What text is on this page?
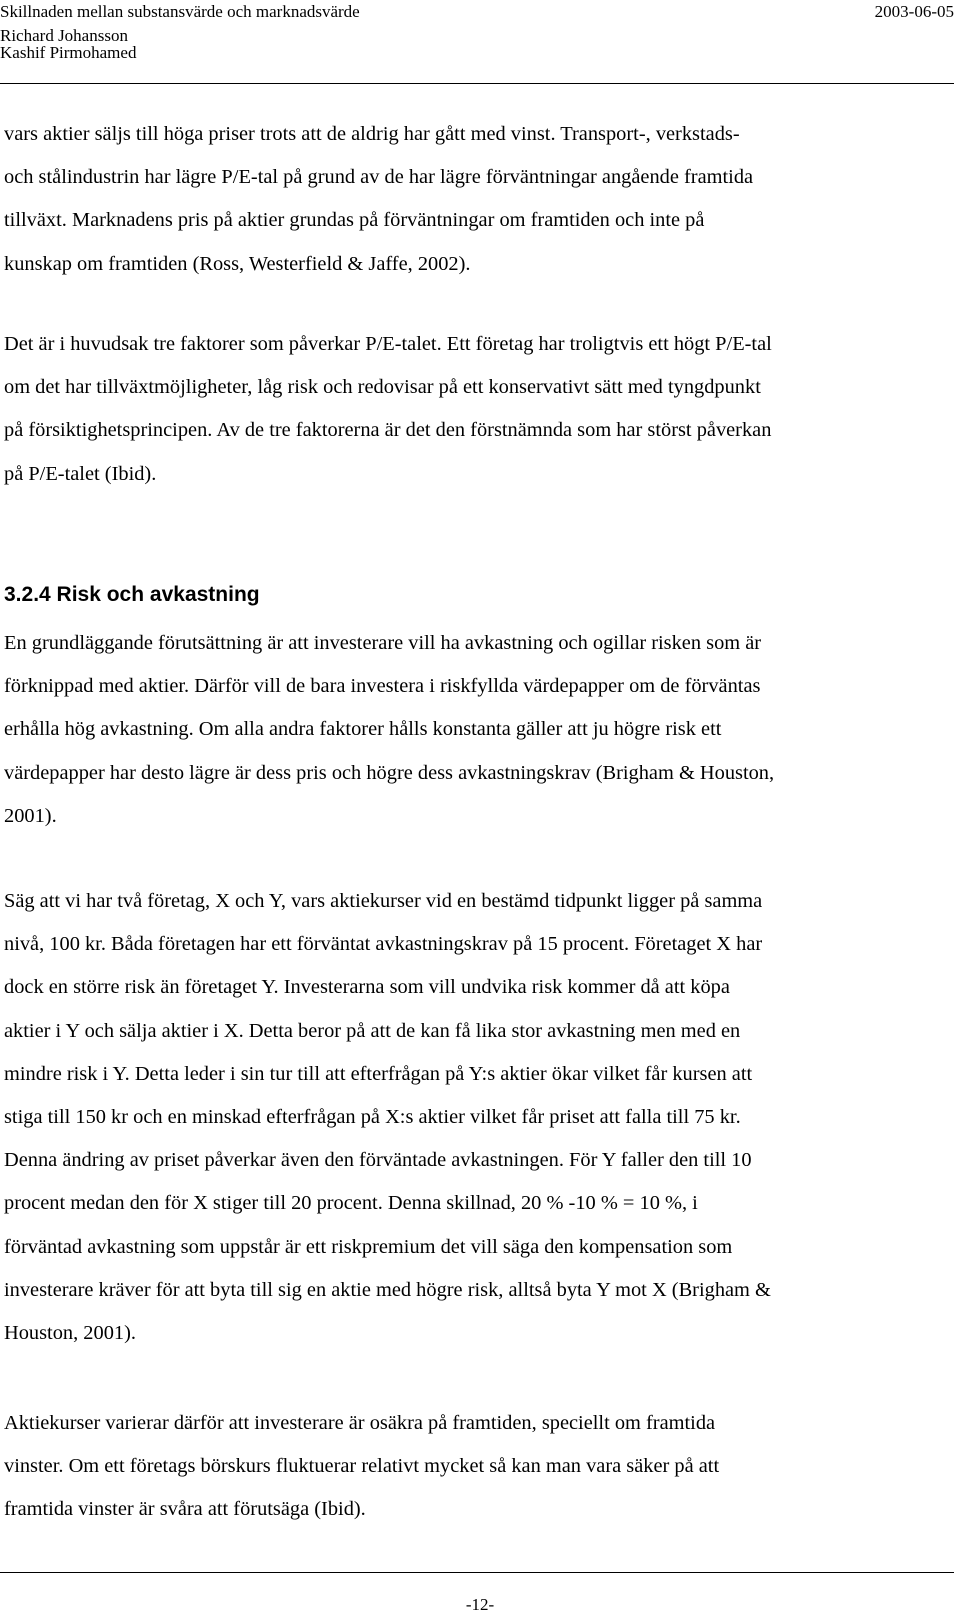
Skillnaden mellan substansvärde och marknadsvärde	2003-06-05
Richard Johansson
Kashif Pirmohamed

vars aktier säljs till höga priser trots att de aldrig har gått med vinst. Transport-, verkstads-
och stålindustrin har lägre P/E-tal på grund av de har lägre förväntningar angående framtida
tillväxt. Marknadens pris på aktier grundas på förväntningar om framtiden och inte på
kunskap om framtiden (Ross, Westerfield & Jaffe, 2002).

Det är i huvudsak tre faktorer som påverkar P/E-talet. Ett företag har troligtvis ett högt P/E-tal
om det har tillväxtmöjligheter, låg risk och redovisar på ett konservativt sätt med tyngdpunkt
på försiktighetsprincipen. Av de tre faktorerna är det den förstnämnda som har störst påverkan
på P/E-talet (Ibid).

3.2.4 Risk och avkastning

En grundläggande förutsättning är att investerare vill ha avkastning och ogillar risken som är
förknippad med aktier. Därför vill de bara investera i riskfyllda värdepapper om de förväntas
erhålla hög avkastning. Om alla andra faktorer hålls konstanta gäller att ju högre risk ett
värdepapper har desto lägre är dess pris och högre dess avkastningskrav (Brigham & Houston,
2001).

Säg att vi har två företag, X och Y, vars aktiekurser vid en bestämd tidpunkt ligger på samma
nivå, 100 kr. Båda företagen har ett förväntat avkastningskrav på 15 procent. Företaget X har
dock en större risk än företaget Y. Investerarna som vill undvika risk kommer då att köpa
aktier i Y och sälja aktier i X. Detta beror på att de kan få lika stor avkastning men med en
mindre risk i Y. Detta leder i sin tur till att efterfrågan på Y:s aktier ökar vilket får kursen att
stiga till 150 kr och en minskad efterfrågan på X:s aktier vilket får priset att falla till 75 kr.
Denna ändring av priset påverkar även den förväntade avkastningen. För Y faller den till 10
procent medan den för X stiger till 20 procent. Denna skillnad, 20 % -10 % = 10 %, i
förväntad avkastning som uppstår är ett riskpremium det vill säga den kompensation som
investerare kräver för att byta till sig en aktie med högre risk, alltså byta Y mot X (Brigham &
Houston, 2001).

Aktiekurser varierar därför att investerare är osäkra på framtiden, speciellt om framtida
vinster. Om ett företags börskurs fluktuerar relativt mycket så kan man vara säker på att
framtida vinster är svåra att förutsäga (Ibid).

-12-
